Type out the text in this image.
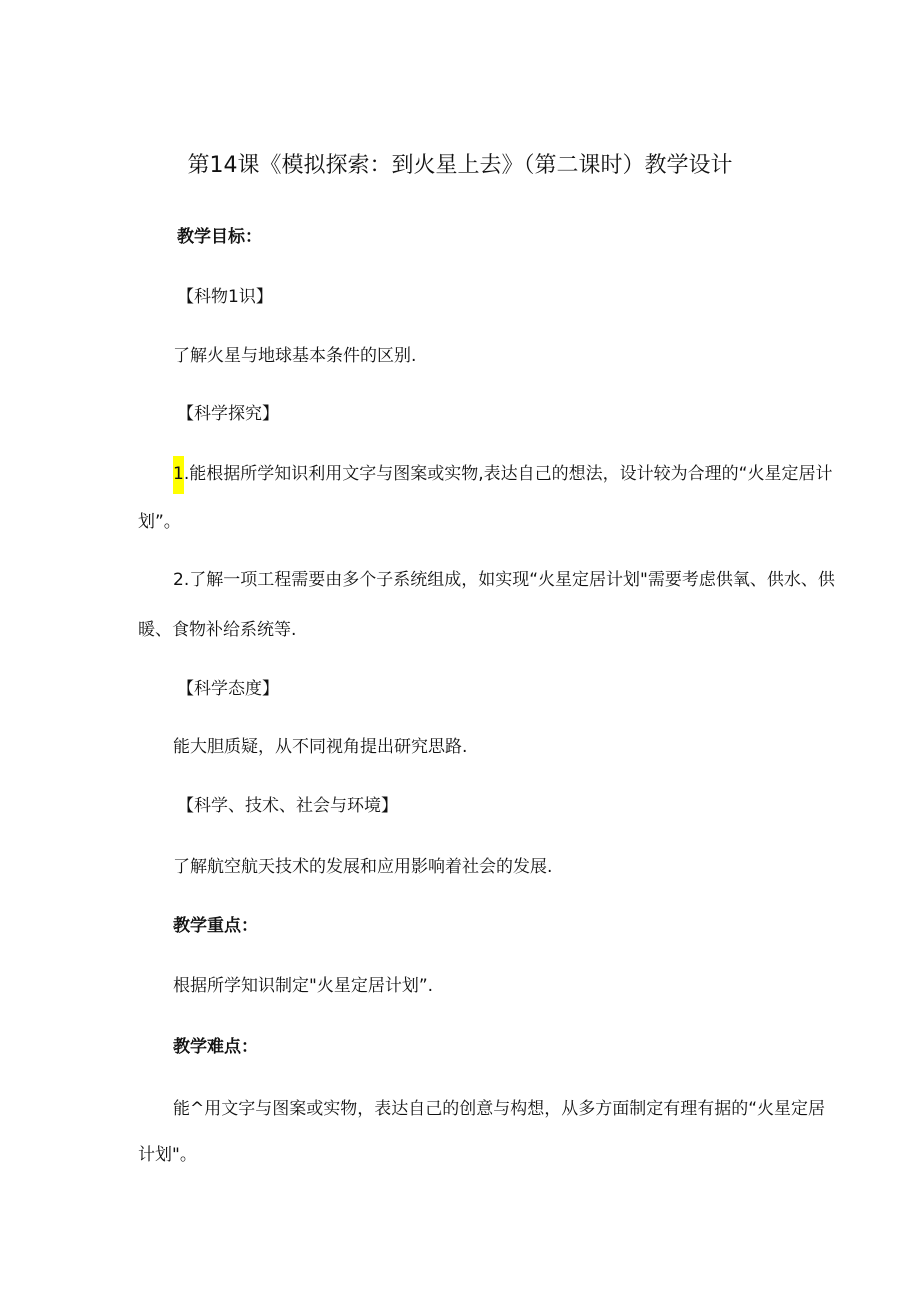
第14课《模拟探索：到火星上去》（第二课时）教学设计
教学目标：
【科物1识】
了解火星与地球基本条件的区别.
【科学探究】
1.能根据所学知识利用文字与图案或实物,表达自己的想法，设计较为合理的“火星定居计
划”。
2.了解一项工程需要由多个子系统组成，如实现“火星定居计划"需要考虑供氧、供水、供
暖、食物补给系统等.
【科学态度】
能大胆质疑，从不同视角提出研究思路.
【科学、技术、社会与环境】
了解航空航天技术的发展和应用影响着社会的发展.
教学重点：
根据所学知识制定"火星定居计划”.
教学难点：
能^用文字与图案或实物，表达自己的创意与构想，从多方面制定有理有据的“火星定居
计划"。
